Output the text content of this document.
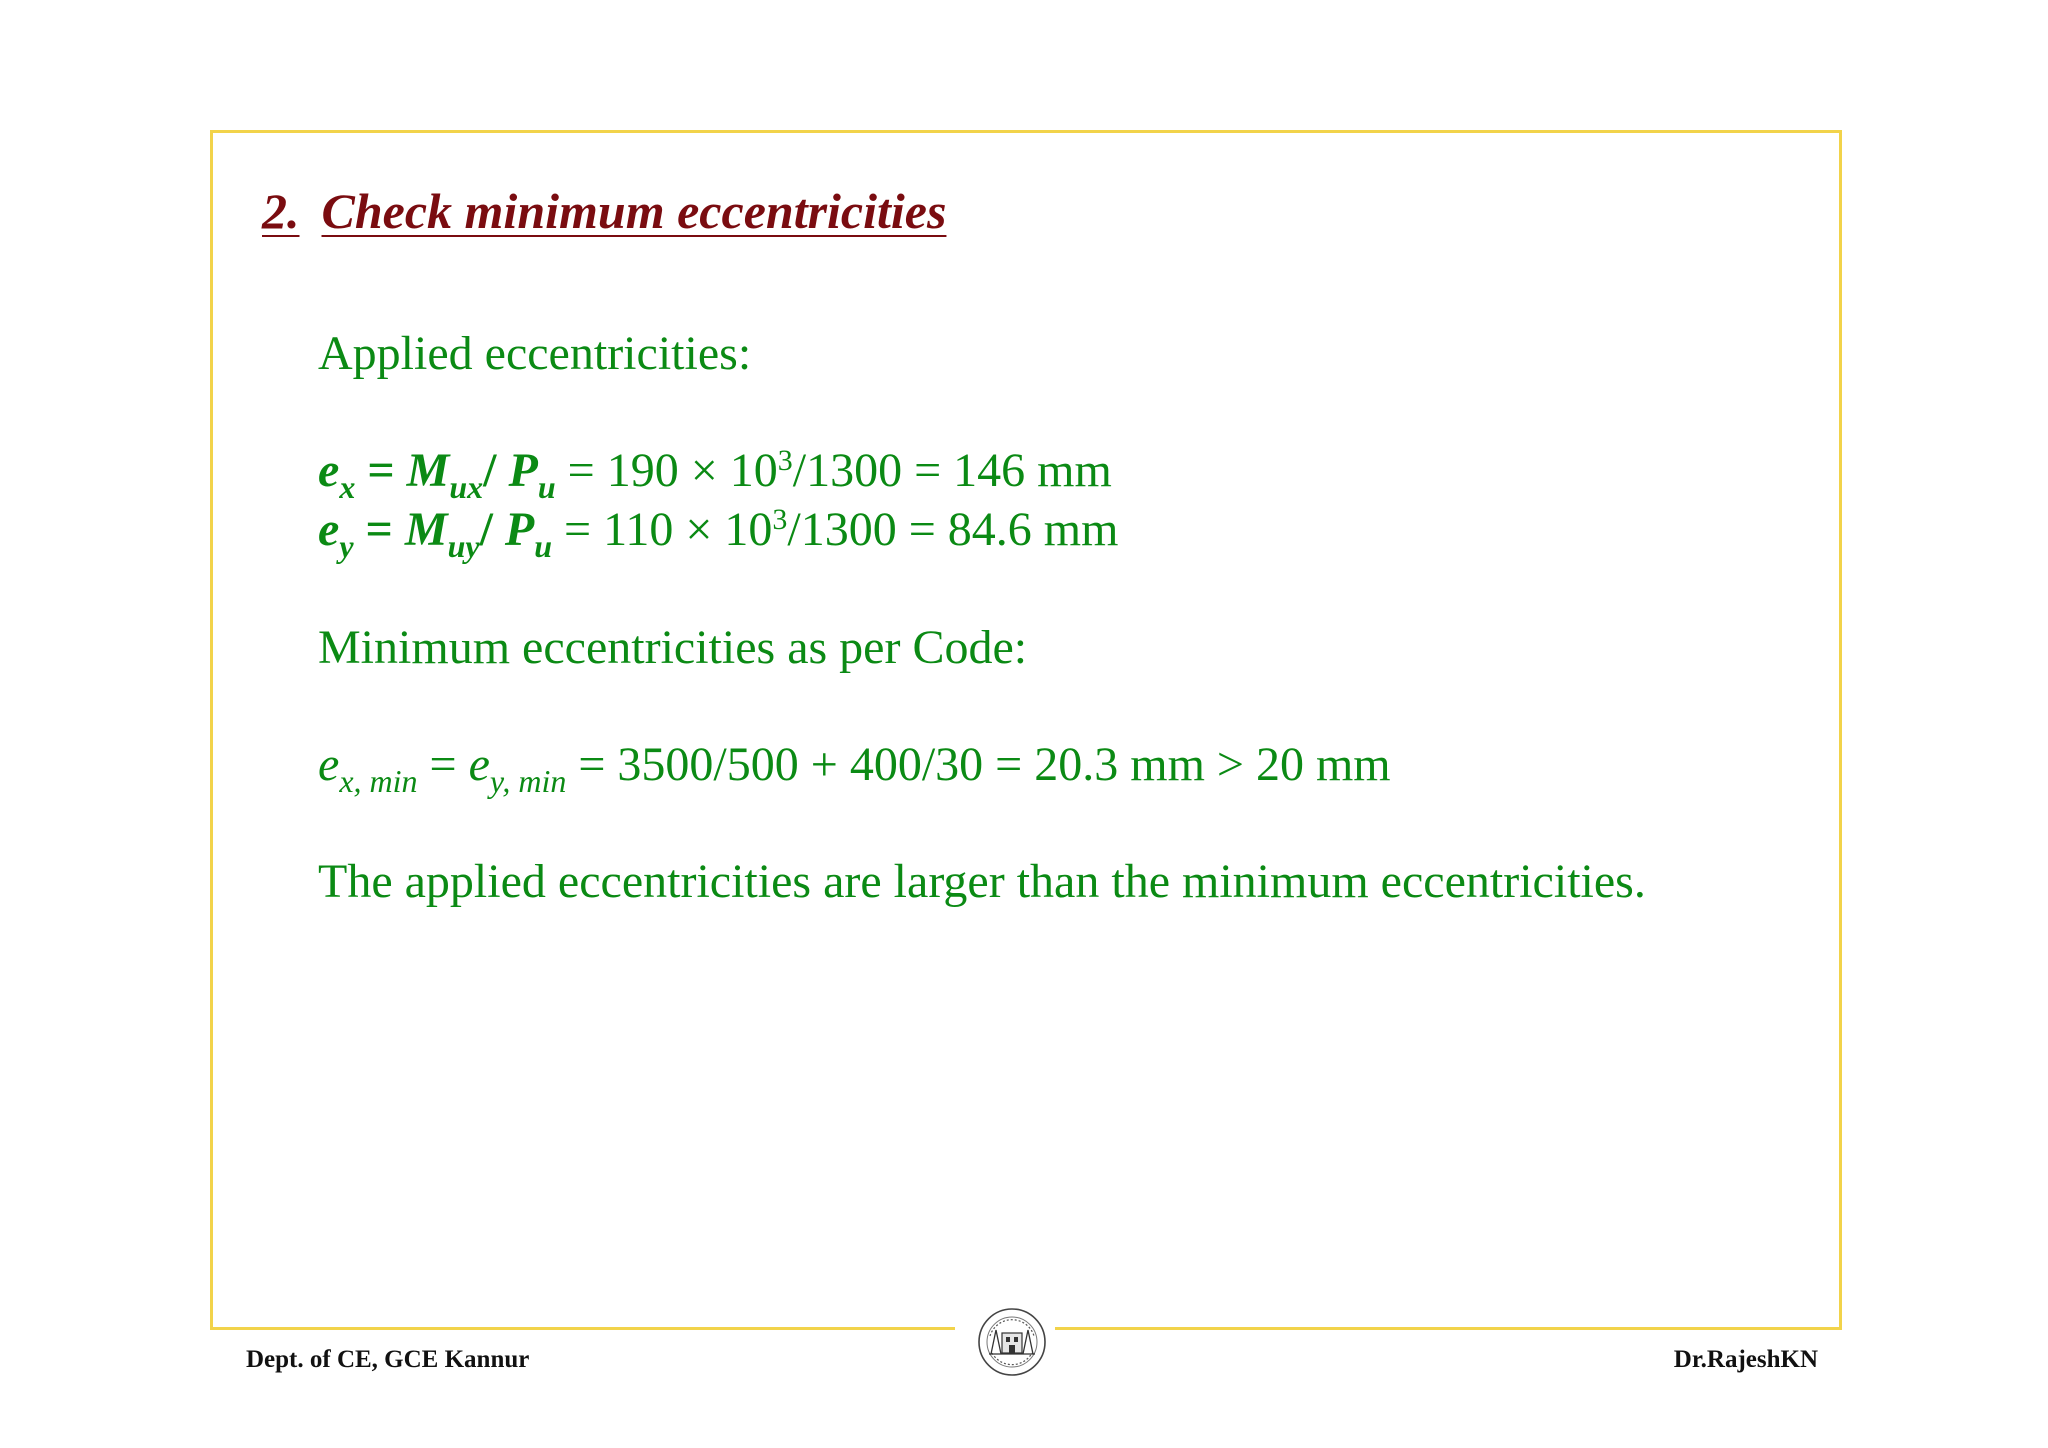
2. Check minimum eccentricities

Applied eccentricities:

$e_x = M_{ux}/$ $P_u = 190 \times 10^3/1300 = 146$ mm

$e_y = M_{uy}/$ $P_u = 110 \times 10^3/1300 = 84.6$ mm

Minimum eccentricities as per Code:

$e_{x, min} = e_{y, min} = 3500/500 + 400/30 = 20.3$ mm > 20 mm

The applied eccentricities are larger than the minimum eccentricities.

Dept. of CE, GCE Kannur	Dr.RajeshKN
